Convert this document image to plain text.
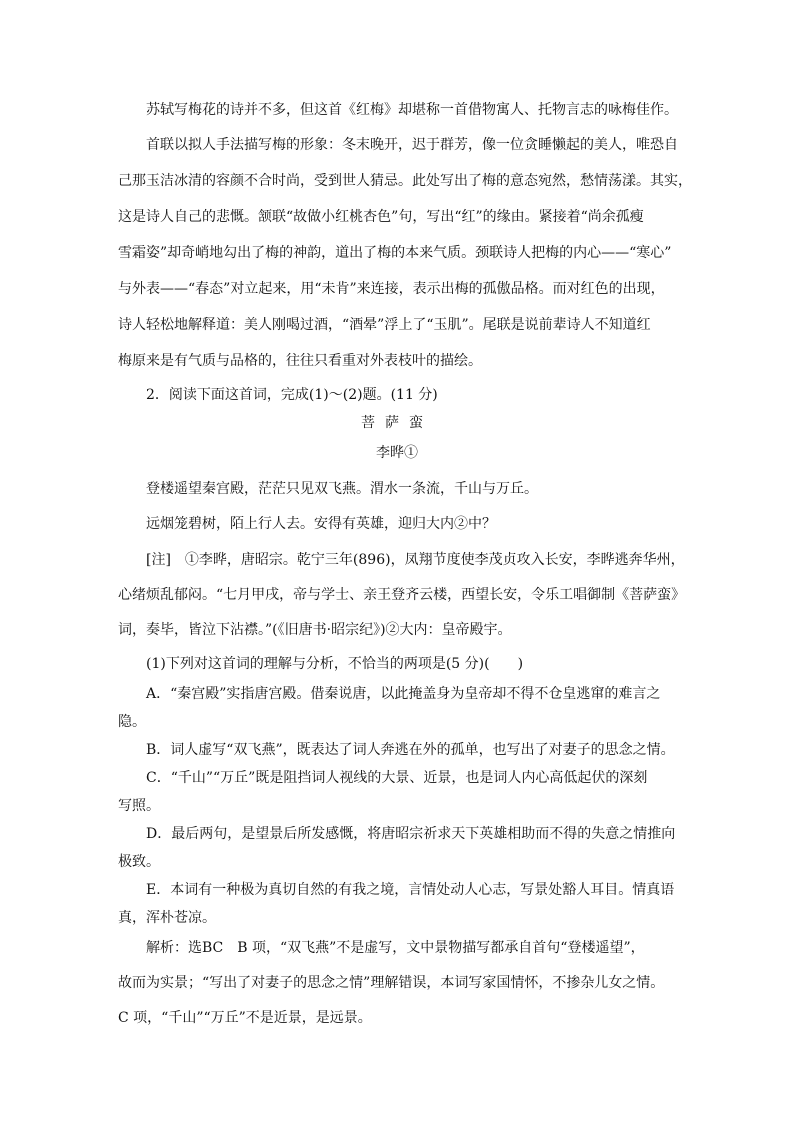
苏轼写梅花的诗并不多，但这首《红梅》却堪称一首借物寓人、托物言志的咏梅佳作。
首联以拟人手法描写梅的形象：冬末晚开，迟于群芳，像一位贪睡懒起的美人，唯恐自
己那玉洁冰清的容颜不合时尚，受到世人猜忌。此处写出了梅的意态宛然，愁情荡漾。其实，
这是诗人自己的悲慨。颔联“故做小红桃杏色”句，写出“红”的缘由。紧接着“尚余孤瘦
雪霜姿”却奇峭地勾出了梅的神韵，道出了梅的本来气质。颈联诗人把梅的内心——“寒心”
与外表——“春态”对立起来，用“未肯”来连接，表示出梅的孤傲品格。而对红色的出现，
诗人轻松地解释道：美人刚喝过酒，“酒晕”浮上了“玉肌”。尾联是说前辈诗人不知道红
梅原来是有气质与品格的，往往只看重对外表枝叶的描绘。
2．阅读下面这首词，完成(1)～(2)题。(11 分)
菩萨蛮
李晔①
登楼遥望秦宫殿，茫茫只见双飞燕。渭水一条流，千山与万丘。
远烟笼碧树，陌上行人去。安得有英雄，迎归大内②中？
[注]　①李晔，唐昭宗。乾宁三年(896)，凤翔节度使李茂贞攻入长安，李晔逃奔华州，
心绪烦乱郁闷。“七月甲戌，帝与学士、亲王登齐云楼，西望长安，令乐工唱御制《菩萨蛮》
词，奏毕，皆泣下沾襟。”(《旧唐书·昭宗纪》)②大内：皇帝殿宇。
(1)下列对这首词的理解与分析，不恰当的两项是(5 分)(　　)
A．“秦宫殿”实指唐宫殿。借秦说唐，以此掩盖身为皇帝却不得不仓皇逃窜的难言之
隐。
B．词人虚写“双飞燕”，既表达了词人奔逃在外的孤单，也写出了对妻子的思念之情。
C．“千山”“万丘”既是阻挡词人视线的大景、近景，也是词人内心高低起伏的深刻
写照。
D．最后两句，是望景后所发感慨，将唐昭宗祈求天下英雄相助而不得的失意之情推向
极致。
E．本词有一种极为真切自然的有我之境，言情处动人心志，写景处豁人耳目。情真语
真，浑朴苍凉。
解析：选BC　B 项，“双飞燕”不是虚写，文中景物描写都承自首句“登楼遥望”，
故而为实景；“写出了对妻子的思念之情”理解错误，本词写家国情怀，不掺杂儿女之情。
C 项，“千山”“万丘”不是近景，是远景。
